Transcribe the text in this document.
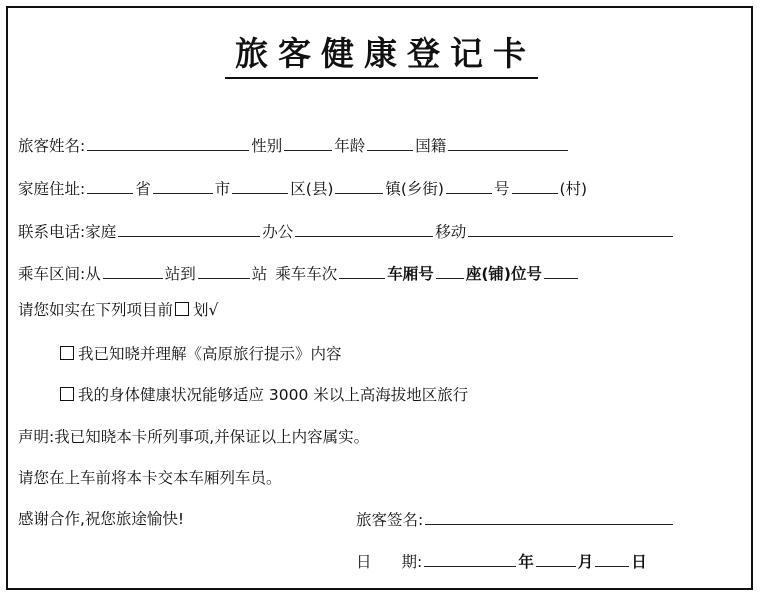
旅客健康登记卡
旅客姓名:	性别	年龄	国籍
家庭住址:	省	市	区(县)	镇(乡街)	号	(村)
联系电话:家庭	办公	移动
乘车区间:从	站到	站 乘车车次	车厢号 座(铺)位号
请您如实在下列项目前 划√
我已知晓并理解《高原旅行提示》内容
我的身体健康状况能够适应 3000 米以上高海拔地区旅行
声明:我已知晓本卡所列事项,并保证以上内容属实。
请您在上车前将本卡交本车厢列车员。
感谢合作,祝您旅途愉快!	旅客签名:
日 期:	年	月 日
